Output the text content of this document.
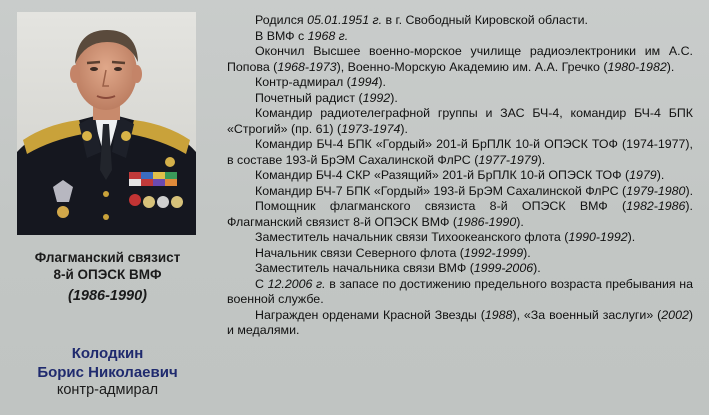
Флагманский связист
8-й ОПЭСК ВМФ
(1986-1990)
Колодкин
Борис Николаевич
контр-адмирал

Родился 05.01.1951 г. в г. Свободный Кировской области.

В ВМФ с 1968 г.

Окончил Высшее военно-морское училище радиоэлектроники им А.С. Попова (1968-1973), Военно-Морскую Академию им. А.А. Гречко (1980-1982).

Контр-адмирал (1994).

Почетный радист (1992).

Командир радиотелеграфной группы и ЗАС БЧ-4, командир БЧ-4 БПК «Строгий» (пр. 61) (1973-1974).

Командир БЧ-4 БПК «Гордый» 201-й БрПЛК 10-й ОПЭСК ТОФ (1974-1977), в составе 193-й БрЭМ Сахалинской ФлРС (1977-1979).

Командир БЧ-4 СКР «Разящий» 201-й БрПЛК 10-й ОПЭСК ТОФ (1979).

Командир БЧ-7 БПК «Гордый» 193-й БрЭМ Сахалинской ФлРС (1979-1980).

Помощник флагманского связиста 8-й ОПЭСК ВМФ (1982-1986). Флагманский связист 8-й ОПЭСК ВМФ (1986-1990).

Заместитель начальник связи Тихоокеанского флота (1990-1992).

Начальник связи Северного флота (1992-1999).

Заместитель начальника связи ВМФ (1999-2006).

С 12.2006 г. в запасе по достижению предельного возраста пребывания на военной службе.

Награжден орденами Красной Звезды (1988), «За военный заслуги» (2002) и медалями.
